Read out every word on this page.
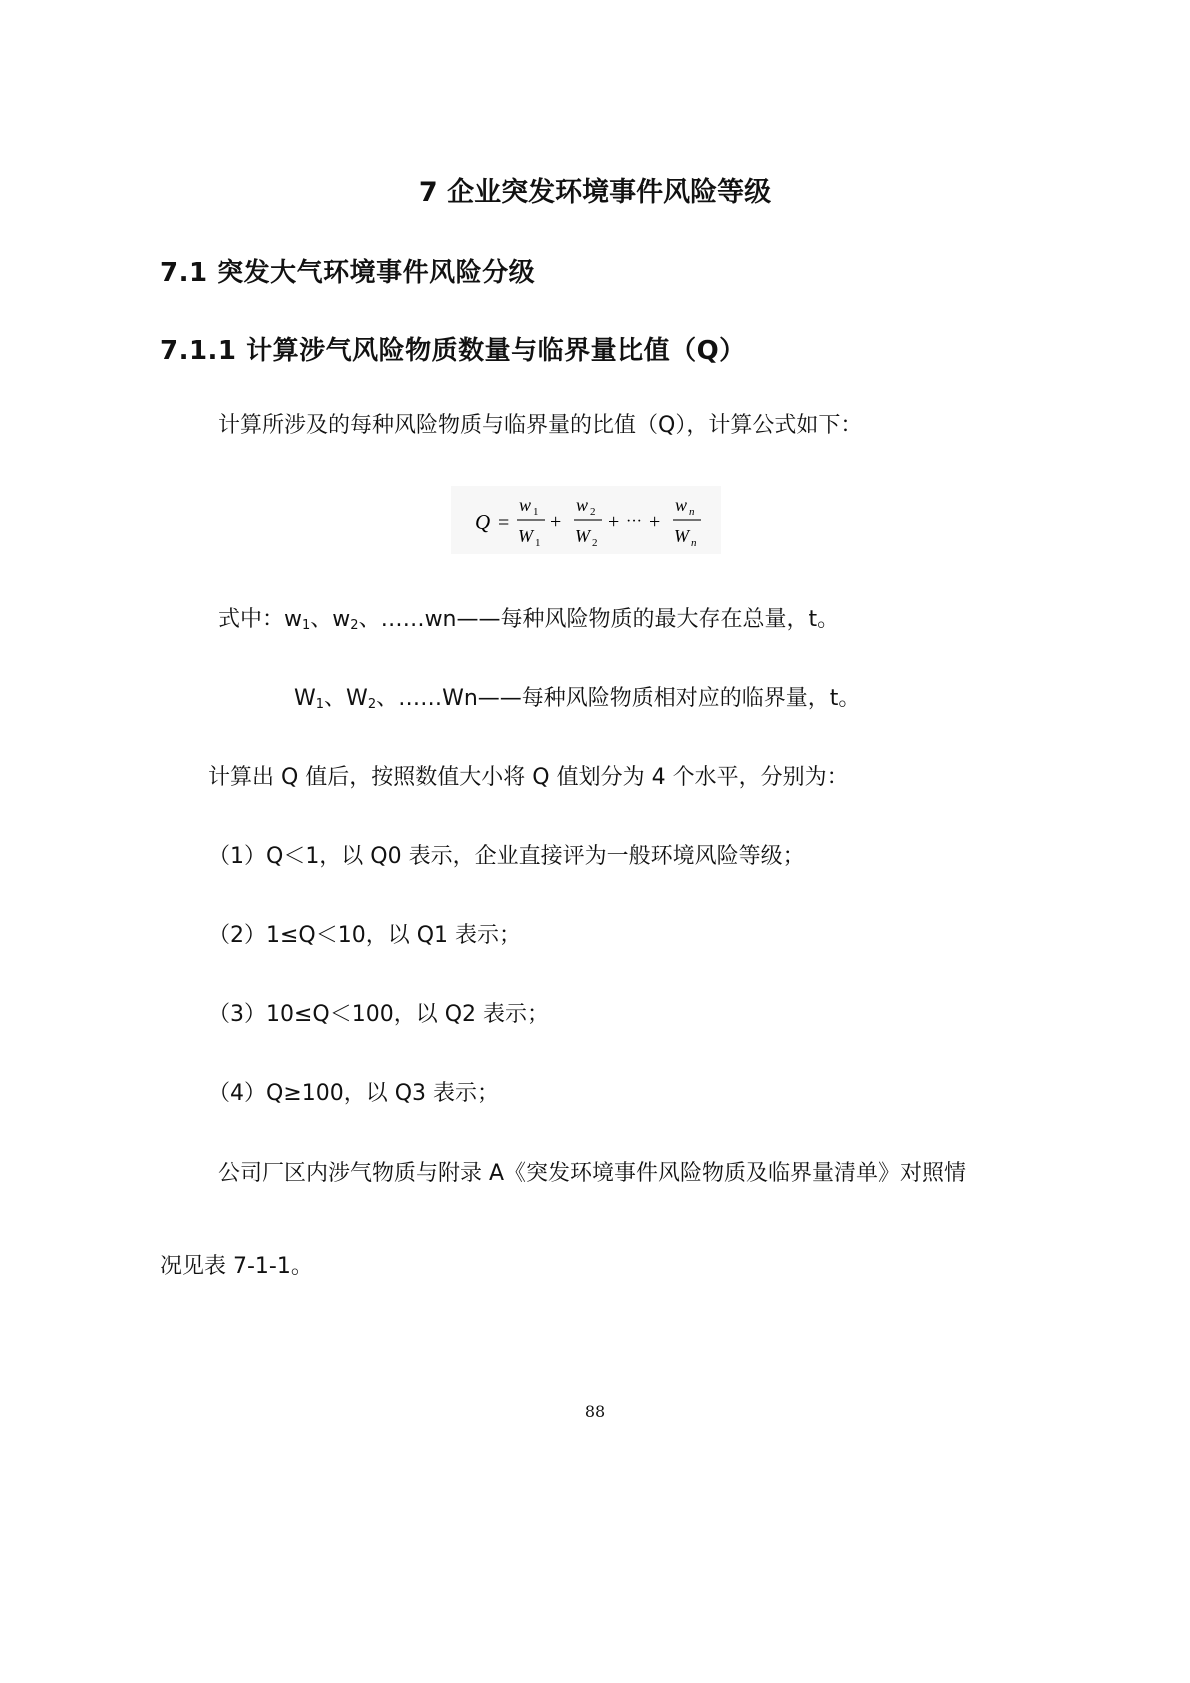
7 企业突发环境事件风险等级
7.1 突发大气环境事件风险分级
7.1.1 计算涉气风险物质数量与临界量比值（Q）
计算所涉及的每种风险物质与临界量的比值（Q），计算公式如下：
Q =
w 1
W 1
+
w 2
W 2
+ ··· +
w n
W n
式中：$w_1$、$w_2$、……wn——每种风险物质的最大存在总量，t。
$W_1$、$W_2$、……Wn——每种风险物质相对应的临界量，t。
计算出 Q 值后，按照数值大小将 Q 值划分为 4 个水平，分别为：
（1）Q＜1，以 Q0 表示，企业直接评为一般环境风险等级；
（2）1≤Q＜10，以 Q1 表示；
（3）10≤Q＜100，以 Q2 表示；
（4）Q≥100，以 Q3 表示；
公司厂区内涉气物质与附录 A《突发环境事件风险物质及临界量清单》对照情
况见表 7-1-1。
88
